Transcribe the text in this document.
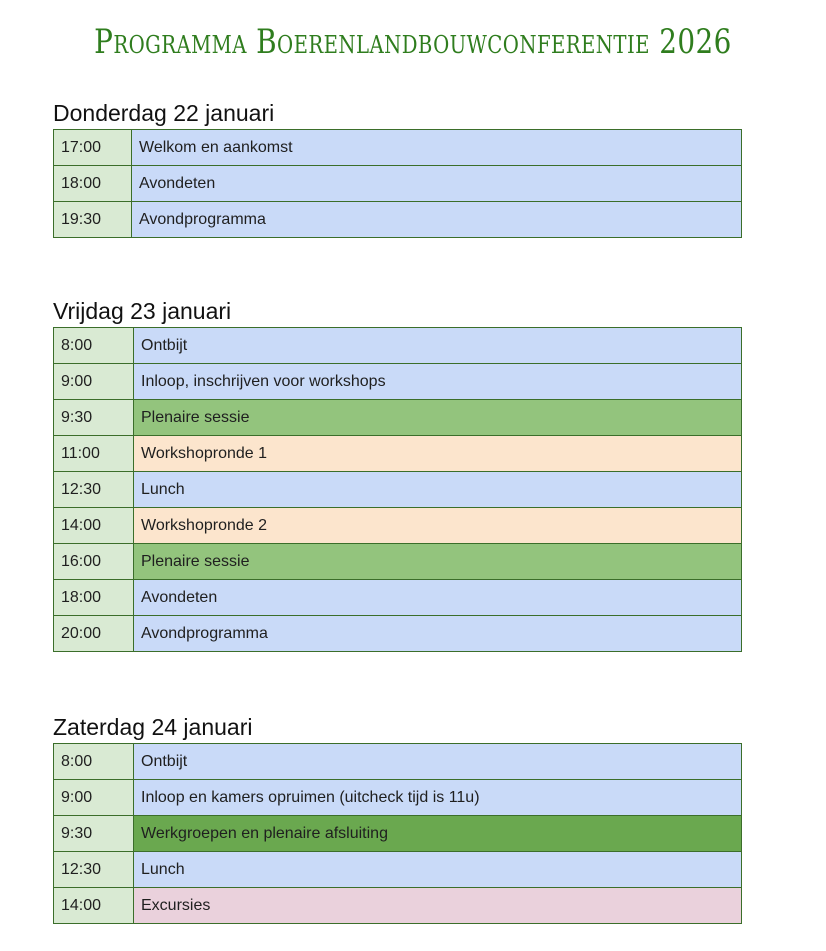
Programma Boerenlandbouwconferentie 2026
Donderdag 22 januari
17:00	Welkom en aankomst
18:00	Avondeten
19:30	Avondprogramma
Vrijdag 23 januari
8:00	Ontbijt
9:00	Inloop, inschrijven voor workshops
9:30	Plenaire sessie
11:00	Workshopronde 1
12:30	Lunch
14:00	Workshopronde 2
16:00	Plenaire sessie
18:00	Avondeten
20:00	Avondprogramma
Zaterdag 24 januari
8:00	Ontbijt
9:00	Inloop en kamers opruimen (uitcheck tijd is 11u)
9:30	Werkgroepen en plenaire afsluiting
12:30	Lunch
14:00	Excursies
